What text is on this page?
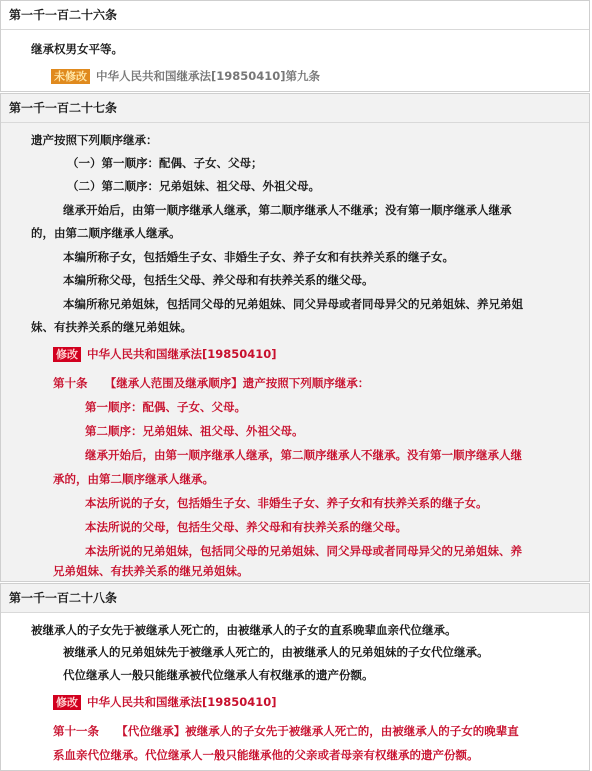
第一千一百二十六条
继承权男女平等。
未修改 中华人民共和国继承法[19850410]第九条
第一千一百二十七条
遗产按照下列顺序继承：
（一）第一顺序：配偶、子女、父母；
（二）第二顺序：兄弟姐妹、祖父母、外祖父母。
继承开始后，由第一顺序继承人继承，第二顺序继承人不继承；没有第一顺序继承人继承
的，由第二顺序继承人继承。
本编所称子女，包括婚生子女、非婚生子女、养子女和有扶养关系的继子女。
本编所称父母，包括生父母、养父母和有扶养关系的继父母。
本编所称兄弟姐妹，包括同父母的兄弟姐妹、同父异母或者同母异父的兄弟姐妹、养兄弟姐
妹、有扶养关系的继兄弟姐妹。
修改 中华人民共和国继承法[19850410]
第十条　　【继承人范围及继承顺序】遗产按照下列顺序继承：
第一顺序：配偶、子女、父母。
第二顺序：兄弟姐妹、祖父母、外祖父母。
继承开始后，由第一顺序继承人继承，第二顺序继承人不继承。没有第一顺序继承人继
承的，由第二顺序继承人继承。
本法所说的子女，包括婚生子女、非婚生子女、养子女和有扶养关系的继子女。
本法所说的父母，包括生父母、养父母和有扶养关系的继父母。
本法所说的兄弟姐妹，包括同父母的兄弟姐妹、同父异母或者同母异父的兄弟姐妹、养
兄弟姐妹、有扶养关系的继兄弟姐妹。
第一千一百二十八条
被继承人的子女先于被继承人死亡的，由被继承人的子女的直系晚辈血亲代位继承。
被继承人的兄弟姐妹先于被继承人死亡的，由被继承人的兄弟姐妹的子女代位继承。
代位继承人一般只能继承被代位继承人有权继承的遗产份额。
修改 中华人民共和国继承法[19850410]
第十一条　　【代位继承】被继承人的子女先于被继承人死亡的，由被继承人的子女的晚辈直
系血亲代位继承。代位继承人一般只能继承他的父亲或者母亲有权继承的遗产份额。
